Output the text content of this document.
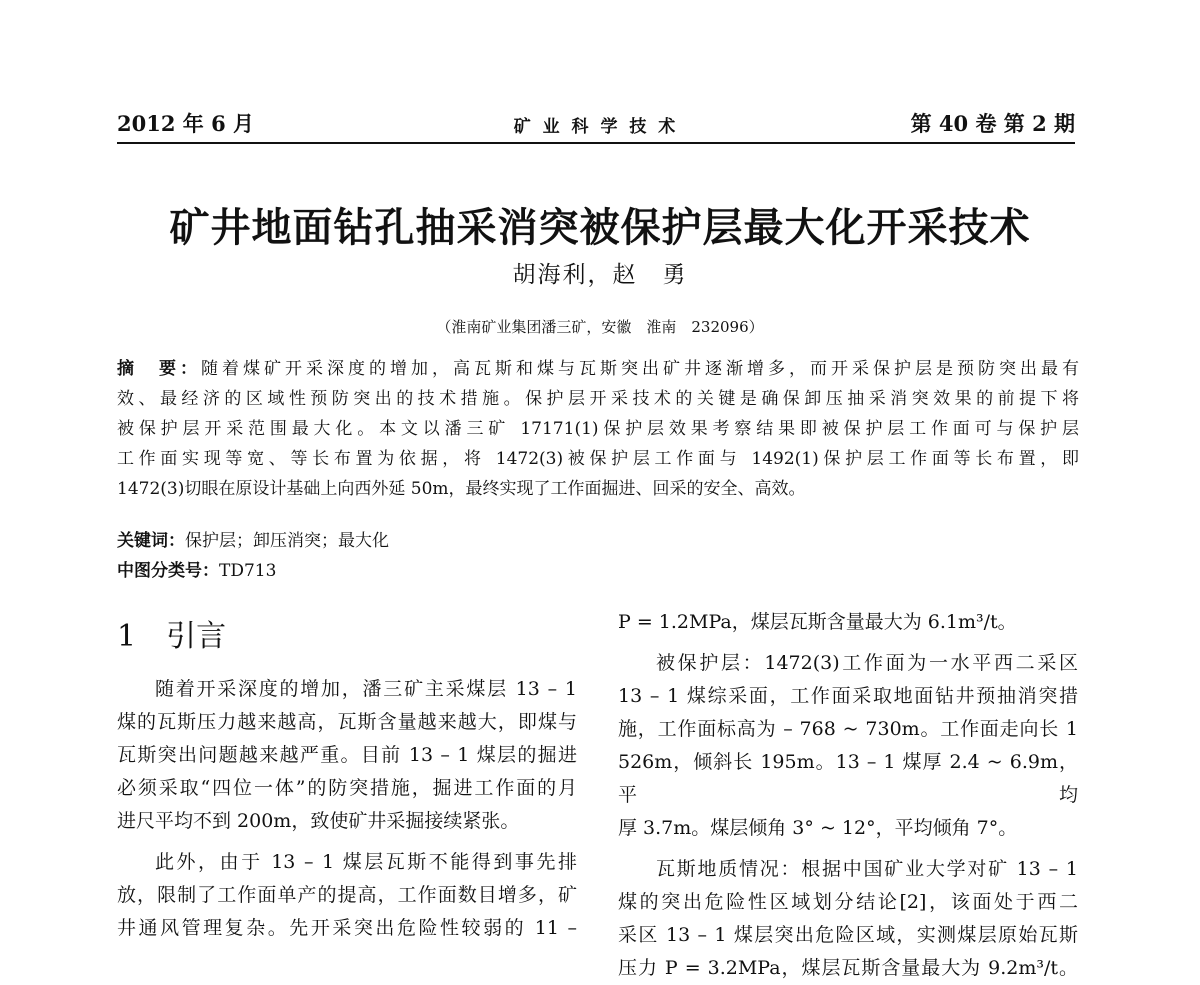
2012 年 6 月	矿 业 科 学 技 术	第 40 卷 第 2 期
矿井地面钻孔抽采消突被保护层最大化开采技术
胡海利，赵　勇
（淮南矿业集团潘三矿，安徽　淮南　232096）

摘　要：随着煤矿开采深度的增加，高瓦斯和煤与瓦斯突出矿井逐渐增多，而开采保护层是预防突出最有

效、最经济的区域性预防突出的技术措施。保护层开采技术的关键是确保卸压抽采消突效果的前提下将

被保护层开采范围最大化。本文以潘三矿 17171(1)保护层效果考察结果即被保护层工作面可与保护层

工作面实现等宽、等长布置为依据，将 1472(3)被保护层工作面与 1492(1)保护层工作面等长布置，即

1472(3)切眼在原设计基础上向西外延 50m，最终实现了工作面掘进、回采的安全、高效。

关键词：保护层；卸压消突；最大化
中图分类号：TD713

1 引言

随着开采深度的增加，潘三矿主采煤层 13 – 1

煤的瓦斯压力越来越高，瓦斯含量越来越大，即煤与

瓦斯突出问题越来越严重。目前 13 – 1 煤层的掘进

必须采取“四位一体”的防突措施，掘进工作面的月

进尺平均不到 200m，致使矿井采掘接续紧张。

此外，由于 13 – 1 煤层瓦斯不能得到事先排

放，限制了工作面单产的提高，工作面数目增多，矿

井通风管理复杂。先开采突出危险性较弱的 11 –

P = 1.2MPa，煤层瓦斯含量最大为 6.1m³/t。

被保护层：1472(3)工作面为一水平西二采区

13 – 1 煤综采面，工作面采取地面钻井预抽消突措

施，工作面标高为 – 768 ~ 730m。工作面走向长 1

526m，倾斜长 195m。13 – 1 煤厚 2.4 ~ 6.9m，平均

厚 3.7m。煤层倾角 3° ~ 12°，平均倾角 7°。

瓦斯地质情况：根据中国矿业大学对矿 13 – 1

煤的突出危险性区域划分结论[2]，该面处于西二

采区 13 – 1 煤层突出危险区域，实测煤层原始瓦斯

压力 P = 3.2MPa，煤层瓦斯含量最大为 9.2m³/t。
